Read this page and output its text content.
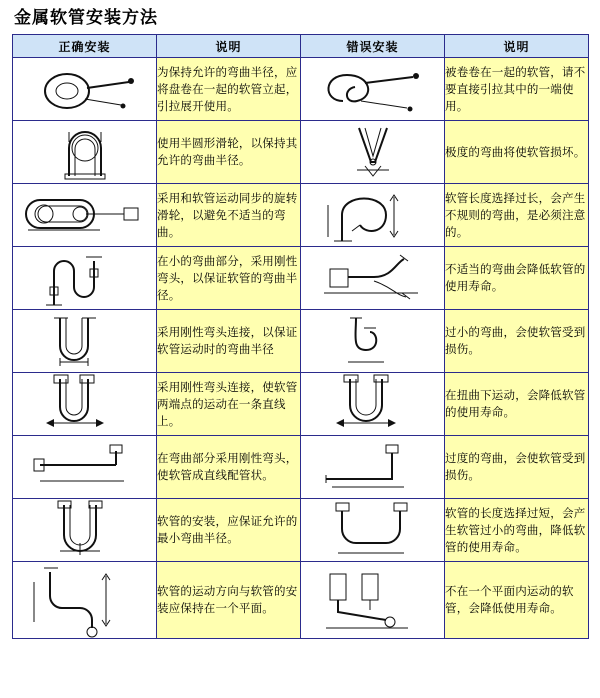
金属软管安装方法
正确安装	说明	错误安装	说明

	为保持允许的弯曲半径，应将盘卷在一起的软管立起，引拉展开使用。		被卷卷在一起的软管，请不要直接引拉其中的一端使用。

	使用半圆形滑轮，以保持其允许的弯曲半径。		极度的弯曲将使软管损坏。

	采用和软管运动同步的旋转滑轮，以避免不适当的弯曲。		软管长度选择过长，会产生不规则的弯曲，是必须注意的。

	在小的弯曲部分，采用刚性弯头，以保证软管的弯曲半径。		不适当的弯曲会降低软管的使用寿命。

	采用刚性弯头连接，以保证软管运动时的弯曲半径		过小的弯曲，会使软管受到损伤。

	采用刚性弯头连接，使软管两端点的运动在一条直线上。		在扭曲下运动，会降低软管的使用寿命。

	在弯曲部分采用刚性弯头，使软管成直线配管状。		过度的弯曲，会使软管受到损伤。

	软管的安装，应保证允许的最小弯曲半径。		软管的长度选择过短，会产生软管过小的弯曲，降低软管的使用寿命。

	软管的运动方向与软管的安装应保持在一个平面。		不在一个平面内运动的软管，会降低使用寿命。
